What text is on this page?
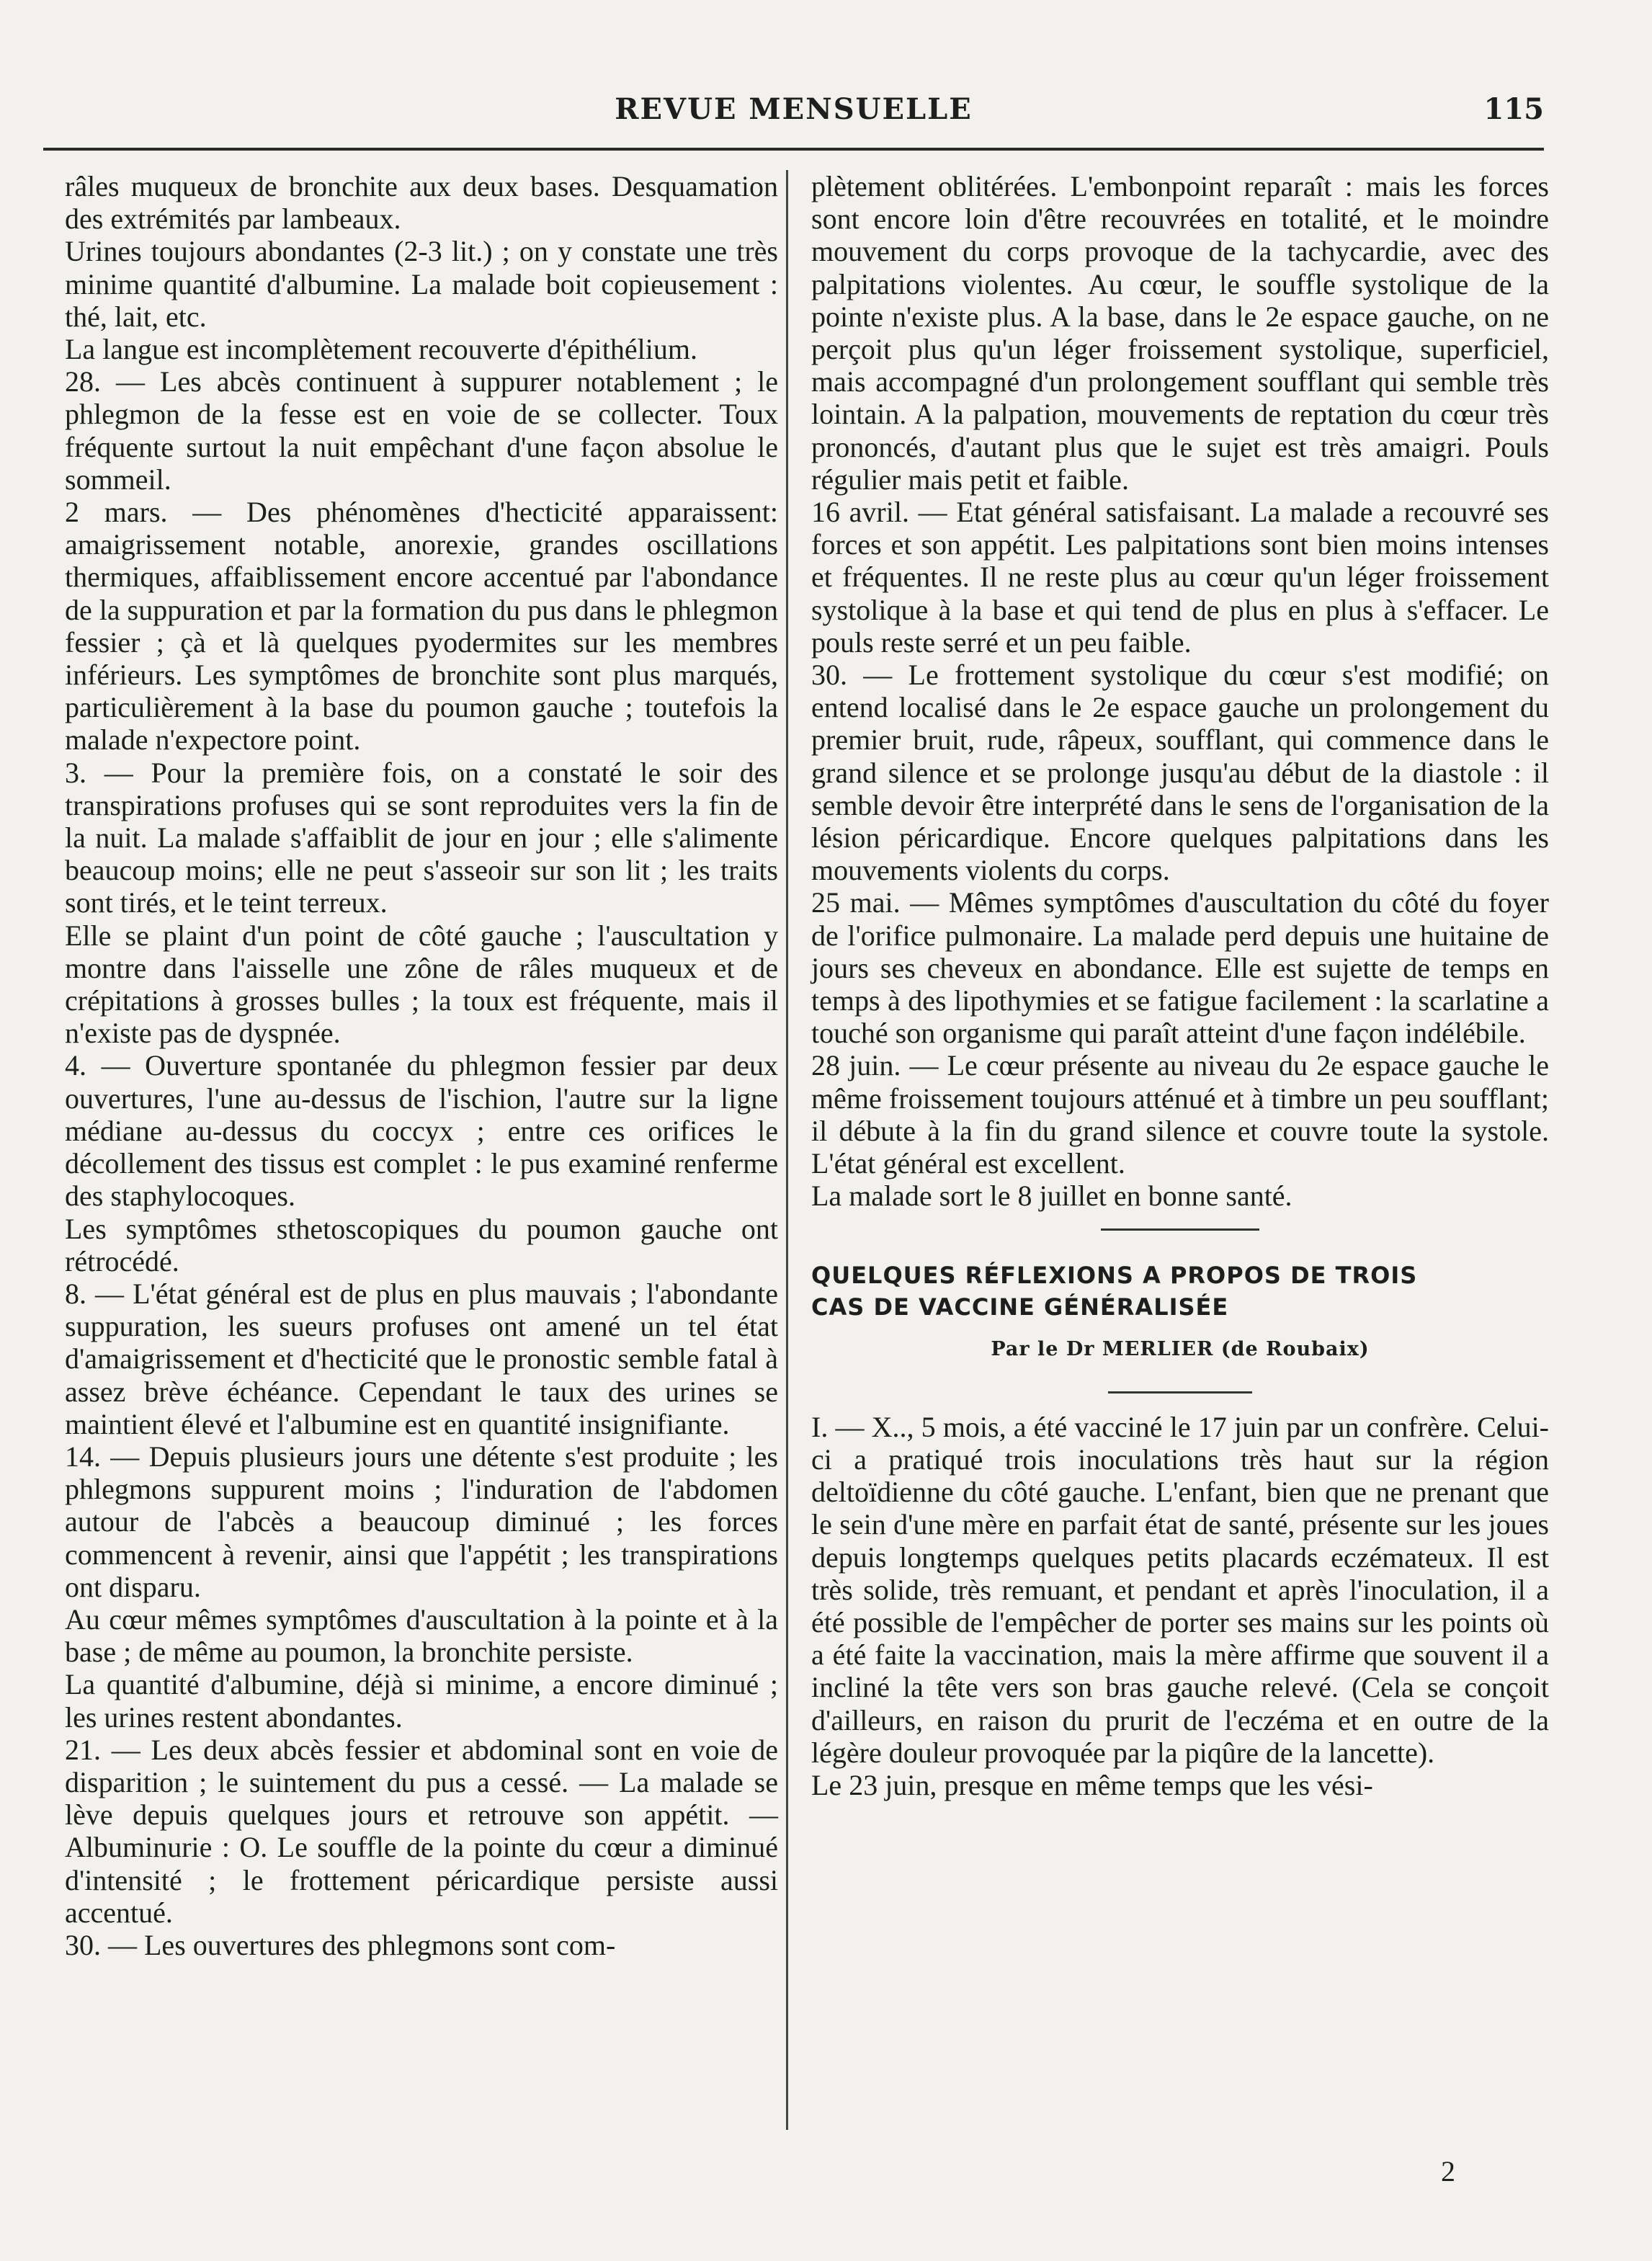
REVUE MENSUELLE	115

râles muqueux de bronchite aux deux bases. Desquamation des extrémités par lambeaux.

Urines toujours abondantes (2-3 lit.) ; on y constate une très minime quantité d'albumine. La malade boit copieusement : thé, lait, etc.

La langue est incomplètement recouverte d'épithélium.

28. — Les abcès continuent à suppurer notablement ; le phlegmon de la fesse est en voie de se collecter. Toux fréquente surtout la nuit empêchant d'une façon absolue le sommeil.

2 mars. — Des phénomènes d'hecticité apparaissent: amaigrissement notable, anorexie, grandes oscillations thermiques, affaiblissement encore accentué par l'abondance de la suppuration et par la formation du pus dans le phlegmon fessier ; çà et là quelques pyodermites sur les membres inférieurs. Les symptômes de bronchite sont plus marqués, particulièrement à la base du poumon gauche ; toutefois la malade n'expectore point.

3. — Pour la première fois, on a constaté le soir des transpirations profuses qui se sont reproduites vers la fin de la nuit. La malade s'affaiblit de jour en jour ; elle s'alimente beaucoup moins; elle ne peut s'asseoir sur son lit ; les traits sont tirés, et le teint terreux.

Elle se plaint d'un point de côté gauche ; l'auscultation y montre dans l'aisselle une zône de râles muqueux et de crépitations à grosses bulles ; la toux est fréquente, mais il n'existe pas de dyspnée.

4. — Ouverture spontanée du phlegmon fessier par deux ouvertures, l'une au-dessus de l'ischion, l'autre sur la ligne médiane au-dessus du coccyx ; entre ces orifices le décollement des tissus est complet : le pus examiné renferme des staphylocoques.

Les symptômes sthetoscopiques du poumon gauche ont rétrocédé.

8. — L'état général est de plus en plus mauvais ; l'abondante suppuration, les sueurs profuses ont amené un tel état d'amaigrissement et d'hecticité que le pronostic semble fatal à assez brève échéance. Cependant le taux des urines se maintient élevé et l'albumine est en quantité insignifiante.

14. — Depuis plusieurs jours une détente s'est produite ; les phlegmons suppurent moins ; l'induration de l'abdomen autour de l'abcès a beaucoup diminué ; les forces commencent à revenir, ainsi que l'appétit ; les transpirations ont disparu.

Au cœur mêmes symptômes d'auscultation à la pointe et à la base ; de même au poumon, la bronchite persiste.

La quantité d'albumine, déjà si minime, a encore diminué ; les urines restent abondantes.

21. — Les deux abcès fessier et abdominal sont en voie de disparition ; le suintement du pus a cessé. — La malade se lève depuis quelques jours et retrouve son appétit. — Albuminurie : O. Le souffle de la pointe du cœur a diminué d'intensité ; le frottement péricardique persiste aussi accentué.

30. — Les ouvertures des phlegmons sont com-

plètement oblitérées. L'embonpoint reparaît : mais les forces sont encore loin d'être recouvrées en totalité, et le moindre mouvement du corps provoque de la tachycardie, avec des palpitations violentes. Au cœur, le souffle systolique de la pointe n'existe plus. A la base, dans le 2e espace gauche, on ne perçoit plus qu'un léger froissement systolique, superficiel, mais accompagné d'un prolongement soufflant qui semble très lointain. A la palpation, mouvements de reptation du cœur très prononcés, d'autant plus que le sujet est très amaigri. Pouls régulier mais petit et faible.

16 avril. — Etat général satisfaisant. La malade a recouvré ses forces et son appétit. Les palpitations sont bien moins intenses et fréquentes. Il ne reste plus au cœur qu'un léger froissement systolique à la base et qui tend de plus en plus à s'effacer. Le pouls reste serré et un peu faible.

30. — Le frottement systolique du cœur s'est modifié; on entend localisé dans le 2e espace gauche un prolongement du premier bruit, rude, râpeux, soufflant, qui commence dans le grand silence et se prolonge jusqu'au début de la diastole : il semble devoir être interprété dans le sens de l'organisation de la lésion péricardique. Encore quelques palpitations dans les mouvements violents du corps.

25 mai. — Mêmes symptômes d'auscultation du côté du foyer de l'orifice pulmonaire. La malade perd depuis une huitaine de jours ses cheveux en abondance. Elle est sujette de temps en temps à des lipothymies et se fatigue facilement : la scarlatine a touché son organisme qui paraît atteint d'une façon indélébile.

28 juin. — Le cœur présente au niveau du 2e espace gauche le même froissement toujours atténué et à timbre un peu soufflant; il débute à la fin du grand silence et couvre toute la systole. L'état général est excellent.

La malade sort le 8 juillet en bonne santé.

QUELQUES RÉFLEXIONS A PROPOS DE TROIS

CAS DE VACCINE GÉNÉRALISÉE

Par le Dr MERLIER (de Roubaix)

I. — X.., 5 mois, a été vacciné le 17 juin par un confrère. Celui-ci a pratiqué trois inoculations très haut sur la région deltoïdienne du côté gauche. L'enfant, bien que ne prenant que le sein d'une mère en parfait état de santé, présente sur les joues depuis longtemps quelques petits placards eczémateux. Il est très solide, très remuant, et pendant et après l'inoculation, il a été possible de l'empêcher de porter ses mains sur les points où a été faite la vaccination, mais la mère affirme que souvent il a incliné la tête vers son bras gauche relevé. (Cela se conçoit d'ailleurs, en raison du prurit de l'eczéma et en outre de la légère douleur provoquée par la piqûre de la lancette).

Le 23 juin, presque en même temps que les vési-

2
